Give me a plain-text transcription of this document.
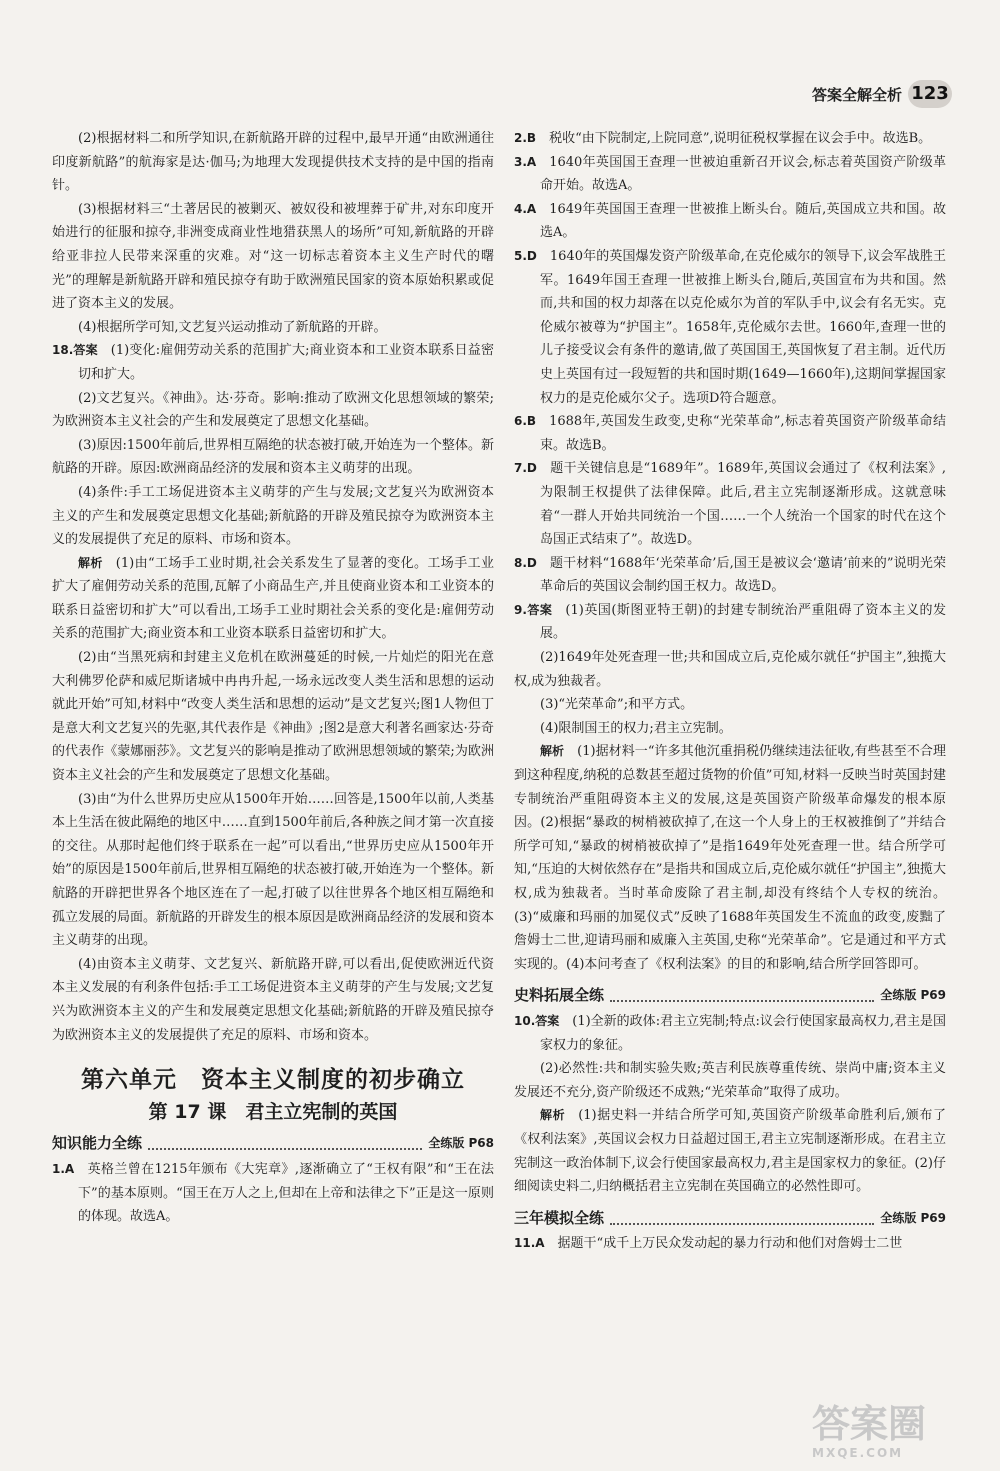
答案全解全析 123

(2)根据材料二和所学知识,在新航路开辟的过程中,最早开通“由欧洲通往印度新航路”的航海家是达·伽马;为地理大发现提供技术支持的是中国的指南针。

(3)根据材料三“土著居民的被剿灭、被奴役和被埋葬于矿井,对东印度开始进行的征服和掠夺,非洲变成商业性地猎获黑人的场所”可知,新航路的开辟给亚非拉人民带来深重的灾难。对“这一切标志着资本主义生产时代的曙光”的理解是新航路开辟和殖民掠夺有助于欧洲殖民国家的资本原始积累或促进了资本主义的发展。

(4)根据所学可知,文艺复兴运动推动了新航路的开辟。

18.答案  (1)变化:雇佣劳动关系的范围扩大;商业资本和工业资本联系日益密切和扩大。

(2)文艺复兴。《神曲》。达·芬奇。影响:推动了欧洲文化思想领域的繁荣;为欧洲资本主义社会的产生和发展奠定了思想文化基础。

(3)原因:1500年前后,世界相互隔绝的状态被打破,开始连为一个整体。新航路的开辟。原因:欧洲商品经济的发展和资本主义萌芽的出现。

(4)条件:手工工场促进资本主义萌芽的产生与发展;文艺复兴为欧洲资本主义的产生和发展奠定思想文化基础;新航路的开辟及殖民掠夺为欧洲资本主义的发展提供了充足的原料、市场和资本。

解析  (1)由“工场手工业时期,社会关系发生了显著的变化。工场手工业扩大了雇佣劳动关系的范围,瓦解了小商品生产,并且使商业资本和工业资本的联系日益密切和扩大”可以看出,工场手工业时期社会关系的变化是:雇佣劳动关系的范围扩大;商业资本和工业资本联系日益密切和扩大。

(2)由“当黑死病和封建主义危机在欧洲蔓延的时候,一片灿烂的阳光在意大利佛罗伦萨和威尼斯诸城中冉冉升起,一场永远改变人类生活和思想的运动就此开始”可知,材料中“改变人类生活和思想的运动”是文艺复兴;图1人物但丁是意大利文艺复兴的先驱,其代表作是《神曲》;图2是意大利著名画家达·芬奇的代表作《蒙娜丽莎》。文艺复兴的影响是推动了欧洲思想领域的繁荣;为欧洲资本主义社会的产生和发展奠定了思想文化基础。

(3)由“为什么世界历史应从1500年开始……回答是,1500年以前,人类基本上生活在彼此隔绝的地区中……直到1500年前后,各种族之间才第一次直接的交往。从那时起他们终于联系在一起”可以看出,“世界历史应从1500年开始”的原因是1500年前后,世界相互隔绝的状态被打破,开始连为一个整体。新航路的开辟把世界各个地区连在了一起,打破了以往世界各个地区相互隔绝和孤立发展的局面。新航路的开辟发生的根本原因是欧洲商品经济的发展和资本主义萌芽的出现。

(4)由资本主义萌芽、文艺复兴、新航路开辟,可以看出,促使欧洲近代资本主义发展的有利条件包括:手工工场促进资本主义萌芽的产生与发展;文艺复兴为欧洲资本主义的产生和发展奠定思想文化基础;新航路的开辟及殖民掠夺为欧洲资本主义的发展提供了充足的原料、市场和资本。

第六单元　资本主义制度的初步确立
第 17 课　君主立宪制的英国
知识能力全练	全练版 P68

1.A  英格兰曾在1215年颁布《大宪章》,逐渐确立了“王权有限”和“王在法下”的基本原则。“国王在万人之上,但却在上帝和法律之下”正是这一原则的体现。故选A。

2.B  税收“由下院制定,上院同意”,说明征税权掌握在议会手中。故选B。

3.A  1640年英国国王查理一世被迫重新召开议会,标志着英国资产阶级革命开始。故选A。

4.A  1649年英国国王查理一世被推上断头台。随后,英国成立共和国。故选A。

5.D  1640年的英国爆发资产阶级革命,在克伦威尔的领导下,议会军战胜王军。1649年国王查理一世被推上断头台,随后,英国宣布为共和国。然而,共和国的权力却落在以克伦威尔为首的军队手中,议会有名无实。克伦威尔被尊为“护国主”。1658年,克伦威尔去世。1660年,查理一世的儿子接受议会有条件的邀请,做了英国国王,英国恢复了君主制。近代历史上英国有过一段短暂的共和国时期(1649—1660年),这期间掌握国家权力的是克伦威尔父子。选项D符合题意。

6.B  1688年,英国发生政变,史称“光荣革命”,标志着英国资产阶级革命结束。故选B。

7.D  题干关键信息是“1689年”。1689年,英国议会通过了《权利法案》,为限制王权提供了法律保障。此后,君主立宪制逐渐形成。这就意味着“一群人开始共同统治一个国……一个人统治一个国家的时代在这个岛国正式结束了”。故选D。

8.D  题干材料“1688年‘光荣革命’后,国王是被议会‘邀请’前来的”说明光荣革命后的英国议会制约国王权力。故选D。

9.答案  (1)英国(斯图亚特王朝)的封建专制统治严重阻碍了资本主义的发展。

(2)1649年处死查理一世;共和国成立后,克伦威尔就任“护国主”,独揽大权,成为独裁者。

(3)“光荣革命”;和平方式。

(4)限制国王的权力;君主立宪制。

解析  (1)据材料一“许多其他沉重捐税仍继续违法征收,有些甚至不合理到这种程度,纳税的总数甚至超过货物的价值”可知,材料一反映当时英国封建专制统治严重阻碍资本主义的发展,这是英国资产阶级革命爆发的根本原因。(2)根据“暴政的树梢被砍掉了,在这一个人身上的王权被推倒了”并结合所学可知,“暴政的树梢被砍掉了”是指1649年处死查理一世。结合所学可知,“压迫的大树依然存在”是指共和国成立后,克伦威尔就任“护国主”,独揽大权,成为独裁者。当时革命废除了君主制,却没有终结个人专权的统治。(3)“威廉和玛丽的加冕仪式”反映了1688年英国发生不流血的政变,废黜了詹姆士二世,迎请玛丽和威廉入主英国,史称“光荣革命”。它是通过和平方式实现的。(4)本问考查了《权利法案》的目的和影响,结合所学回答即可。

史料拓展全练	全练版 P69

10.答案  (1)全新的政体:君主立宪制;特点:议会行使国家最高权力,君主是国家权力的象征。

(2)必然性:共和制实验失败;英吉利民族尊重传统、崇尚中庸;资本主义发展还不充分,资产阶级还不成熟;“光荣革命”取得了成功。

解析  (1)据史料一并结合所学可知,英国资产阶级革命胜利后,颁布了《权利法案》,英国议会权力日益超过国王,君主立宪制逐渐形成。在君主立宪制这一政治体制下,议会行使国家最高权力,君主是国家权力的象征。(2)仔细阅读史料二,归纳概括君主立宪制在英国确立的必然性即可。

三年模拟全练	全练版 P69

11.A  据题干“成千上万民众发动起的暴力行动和他们对詹姆士二世

答案圈
MXQE.COM
